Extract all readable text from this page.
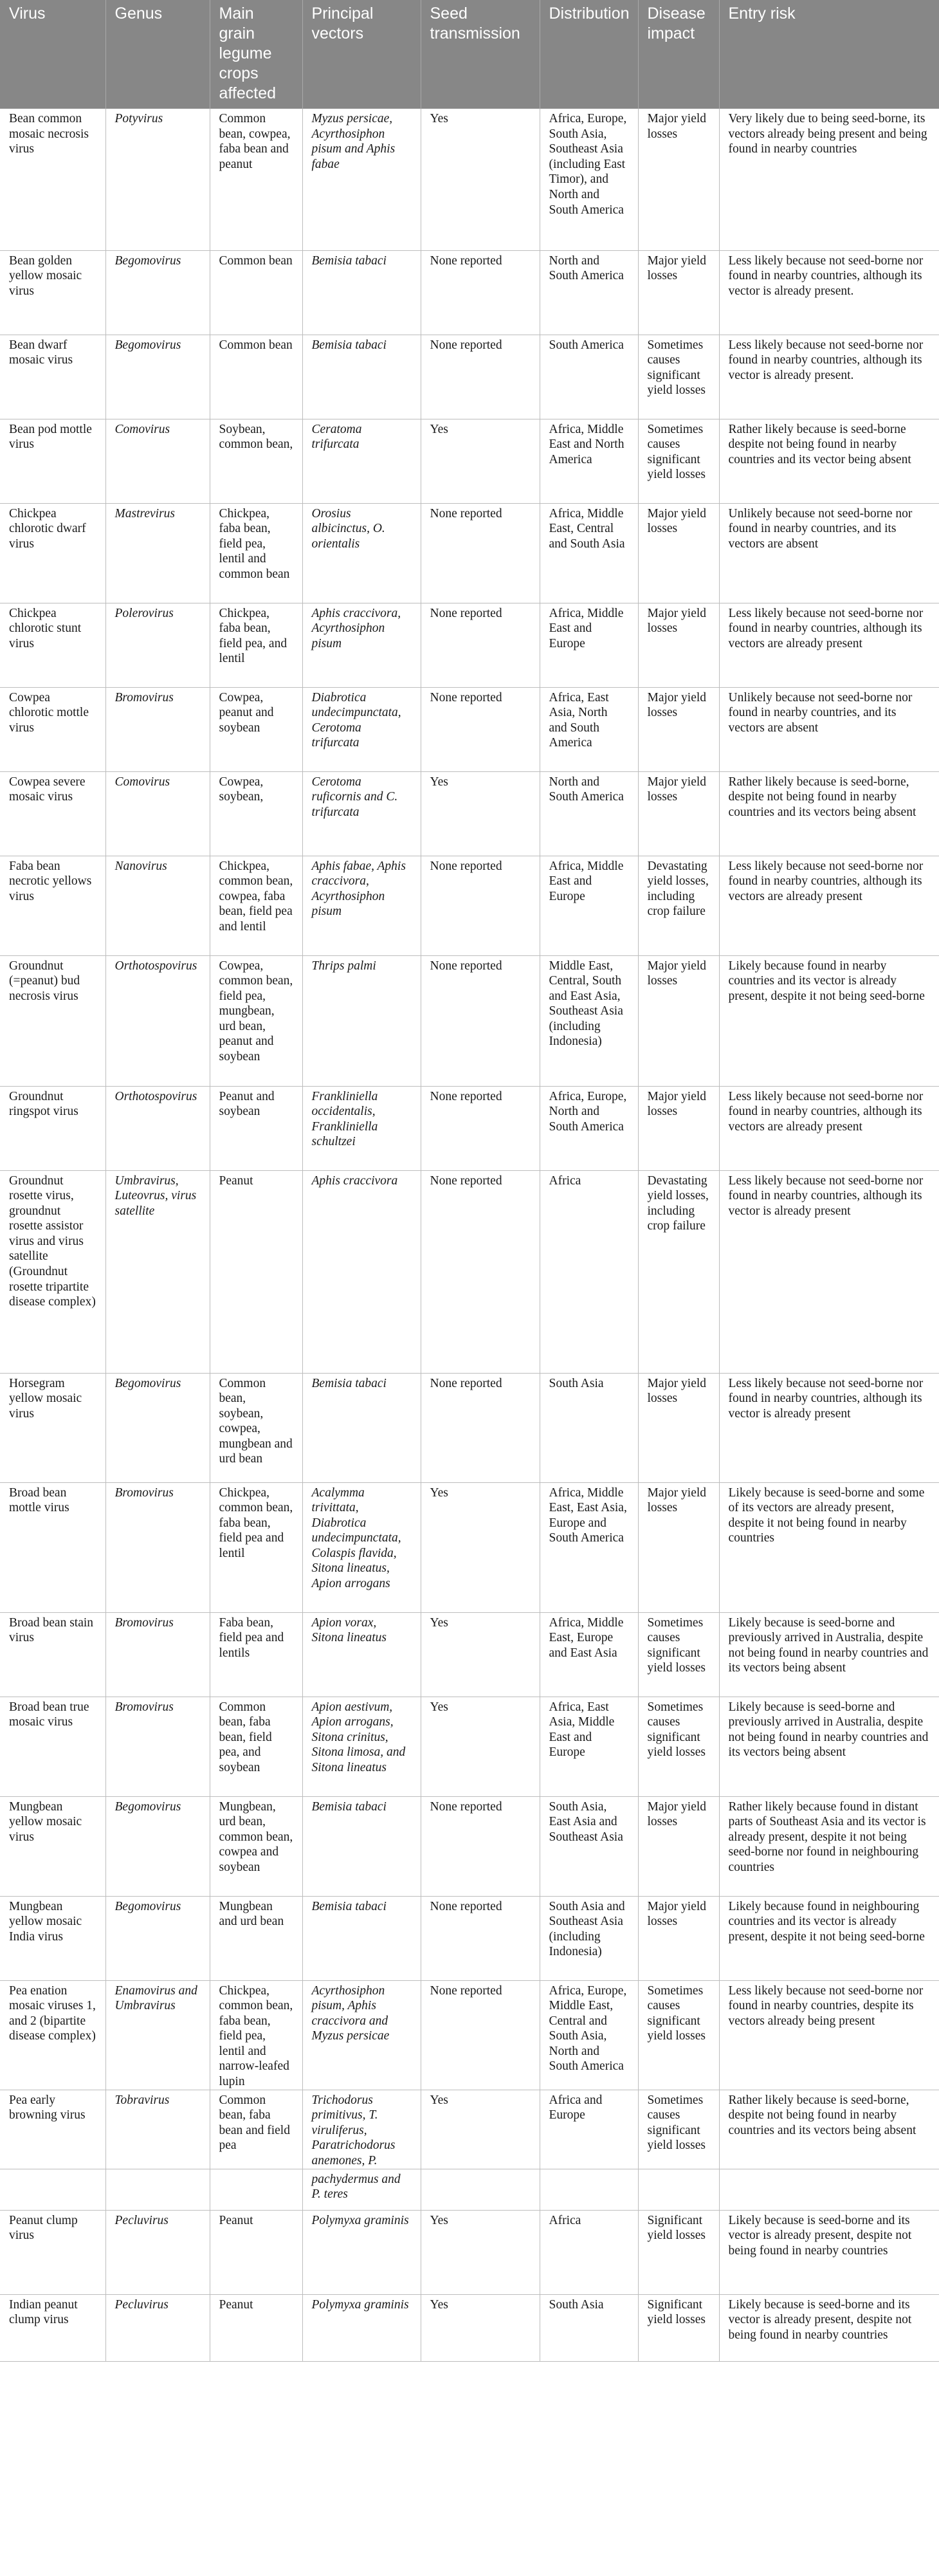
Virus	Genus	Main grain legume crops affected	Principal vectors	Seed transmission	Distribution	Disease impact	Entry risk
Bean common mosaic necrosis virus	Potyvirus	Common bean, cowpea, faba bean and peanut	Myzus persicae, Acyrthosiphon pisum and Aphis fabae	Yes	Africa, Europe, South Asia, Southeast Asia (including East Timor), and North and South America	Major yield losses	Very likely due to being seed-borne, its vectors already being present and being found in nearby countries
Bean golden yellow mosaic virus	Begomovirus	Common bean	Bemisia tabaci	None reported	North and South America	Major yield losses	Less likely because not seed-borne nor found in nearby countries, although its vector is already present.
Bean dwarf mosaic virus	Begomovirus	Common bean	Bemisia tabaci	None reported	South America	Sometimes causes significant yield losses	Less likely because not seed-borne nor found in nearby countries, although its vector is already present.
Bean pod mottle virus	Comovirus	Soybean, common bean,	Ceratoma trifurcata	Yes	Africa, Middle East and North America	Sometimes causes significant yield losses	Rather likely because is seed-borne despite not being found in nearby countries and its vector being absent
Chickpea chlorotic dwarf virus	Mastrevirus	Chickpea, faba bean, field pea, lentil and common bean	Orosius albicinctus, O. orientalis	None reported	Africa, Middle East, Central and South Asia	Major yield losses	Unlikely because not seed-borne nor found in nearby countries, and its vectors are absent
Chickpea chlorotic stunt virus	Polerovirus	Chickpea, faba bean, field pea, and lentil	Aphis craccivora, Acyrthosiphon pisum	None reported	Africa, Middle East and Europe	Major yield losses	Less likely because not seed-borne nor found in nearby countries, although its vectors are already present
Cowpea chlorotic mottle virus	Bromovirus	Cowpea, peanut and soybean	Diabrotica undecimpunctata, Cerotoma trifurcata	None reported	Africa, East Asia, North and South America	Major yield losses	Unlikely because not seed-borne nor found in nearby countries, and its vectors are absent
Cowpea severe mosaic virus	Comovirus	Cowpea, soybean,	Cerotoma ruficornis and C. trifurcata	Yes	North and South America	Major yield losses	Rather likely because is seed-borne, despite not being found in nearby countries and its vectors being absent
Faba bean necrotic yellows virus	Nanovirus	Chickpea, common bean, cowpea, faba bean, field pea and lentil	Aphis fabae, Aphis craccivora, Acyrthosiphon pisum	None reported	Africa, Middle East and Europe	Devastating yield losses, including crop failure	Less likely because not seed-borne nor found in nearby countries, although its vectors are already present
Groundnut (=peanut) bud necrosis virus	Orthotospovirus	Cowpea, common bean, field pea, mungbean, urd bean, peanut and soybean	Thrips palmi	None reported	Middle East, Central, South and East Asia, Southeast Asia (including Indonesia)	Major yield losses	Likely because found in nearby countries and its vector is already present, despite it not being seed-borne
Groundnut ringspot virus	Orthotospovirus	Peanut and soybean	Frankliniella occidentalis, Frankliniella schultzei	None reported	Africa, Europe, North and South America	Major yield losses	Less likely because not seed-borne nor found in nearby countries, although its vectors are already present
Groundnut rosette virus, groundnut rosette assistor virus and virus satellite (Groundnut rosette tripartite disease complex)	Umbravirus, Luteovrus, virus satellite	Peanut	Aphis craccivora	None reported	Africa	Devastating yield losses, including crop failure	Less likely because not seed-borne nor found in nearby countries, although its vector is already present
Horsegram yellow mosaic virus	Begomovirus	Common bean, soybean, cowpea, mungbean and urd bean	Bemisia tabaci	None reported	South Asia	Major yield losses	Less likely because not seed-borne nor found in nearby countries, although its vector is already present
Broad bean mottle virus	Bromovirus	Chickpea, common bean, faba bean, field pea and lentil	Acalymma trivittata, Diabrotica undecimpunctata, Colaspis flavida, Sitona lineatus, Apion arrogans	Yes	Africa, Middle East, East Asia, Europe and South America	Major yield losses	Likely because is seed-borne and some of its vectors are already present, despite it not being found in nearby countries
Broad bean stain virus	Bromovirus	Faba bean, field pea and lentils	Apion vorax, Sitona lineatus	Yes	Africa, Middle East, Europe and East Asia	Sometimes causes significant yield losses	Likely because is seed-borne and previously arrived in Australia, despite not being found in nearby countries and its vectors being absent
Broad bean true mosaic virus	Bromovirus	Common bean, faba bean, field pea, and soybean	Apion aestivum, Apion arrogans, Sitona crinitus, Sitona limosa, and Sitona lineatus	Yes	Africa, East Asia, Middle East and Europe	Sometimes causes significant yield losses	Likely because is seed-borne and previously arrived in Australia, despite not being found in nearby countries and its vectors being absent
Mungbean yellow mosaic virus	Begomovirus	Mungbean, urd bean, common bean, cowpea and soybean	Bemisia tabaci	None reported	South Asia, East Asia and Southeast Asia	Major yield losses	Rather likely because found in distant parts of Southeast Asia and its vector is already present, despite it not being seed-borne nor found in neighbouring countries
Mungbean yellow mosaic India virus	Begomovirus	Mungbean and urd bean	Bemisia tabaci	None reported	South Asia and Southeast Asia (including Indonesia)	Major yield losses	Likely because found in neighbouring countries and its vector is already present, despite it not being seed-borne
Pea enation mosaic viruses 1, and 2 (bipartite disease complex)	Enamovirus and Umbravirus	Chickpea, common bean, faba bean, field pea, lentil and narrow-leafed lupin	Acyrthosiphon pisum, Aphis craccivora and Myzus persicae	None reported	Africa, Europe, Middle East, Central and South Asia, North and South America	Sometimes causes significant yield losses	Less likely because not seed-borne nor found in nearby countries, despite its vectors already being present
Pea early browning virus	Tobravirus	Common bean, faba bean and field pea	Trichodorus primitivus, T. viruliferus, Paratrichodorus anemones, P.	Yes	Africa and Europe	Sometimes causes significant yield losses	Rather likely because is seed-borne, despite not being found in nearby countries and its vectors being absent
			pachydermus and P. teres				
Peanut clump virus	Pecluvirus	Peanut	Polymyxa graminis	Yes	Africa	Significant yield losses	Likely because is seed-borne and its vector is already present, despite not being found in nearby countries
Indian peanut clump virus	Pecluvirus	Peanut	Polymyxa graminis	Yes	South Asia	Significant yield losses	Likely because is seed-borne and its vector is already present, despite not being found in nearby countries
